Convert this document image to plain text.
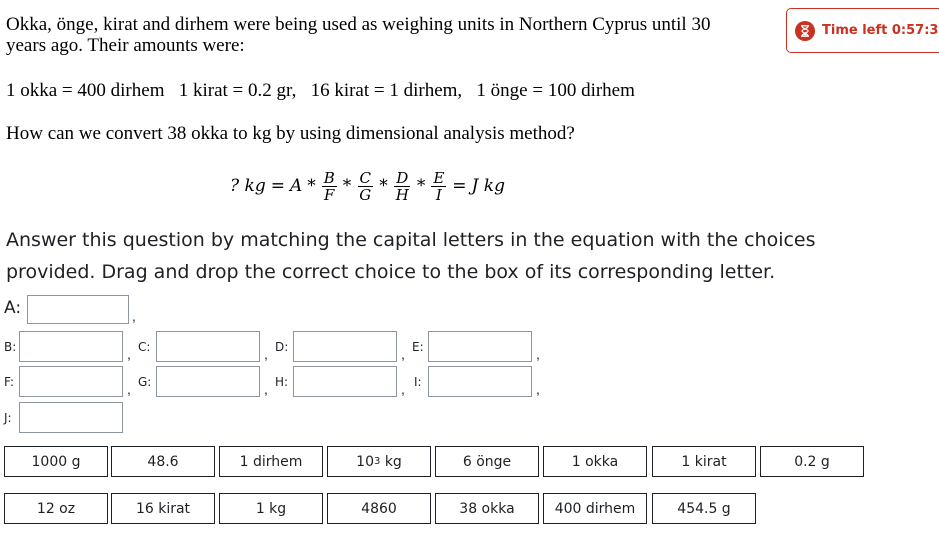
Okka, önge, kirat and dirhem were being used as weighing units in Northern Cyprus until 30 years ago. Their amounts were:
1 okka = 400 dirhem   1 kirat = 0.2 gr,   16 kirat = 1 dirhem,   1 önge = 100 dirhem
How can we convert 38 okka to kg by using dimensional analysis method?
? kg = $A * \frac{B}{F} * \frac{C}{G} * \frac{D}{H} * \frac{E}{I} = J$ kg
Answer this question by matching the capital letters in the equation with the choices provided. Drag and drop the correct choice to the box of its corresponding letter.
Time left 0:57:3
A:	,
B:	, C:	, D:	, E:	,
F:	, G:	, H:	, I:	,
J:
1000 g	48.6	1 dirhem	10 3 kg	6 önge	1 okka	1 kirat	0.2 g
12 oz	16 kirat	1 kg	4860	38 okka	400 dirhem	454.5 g
